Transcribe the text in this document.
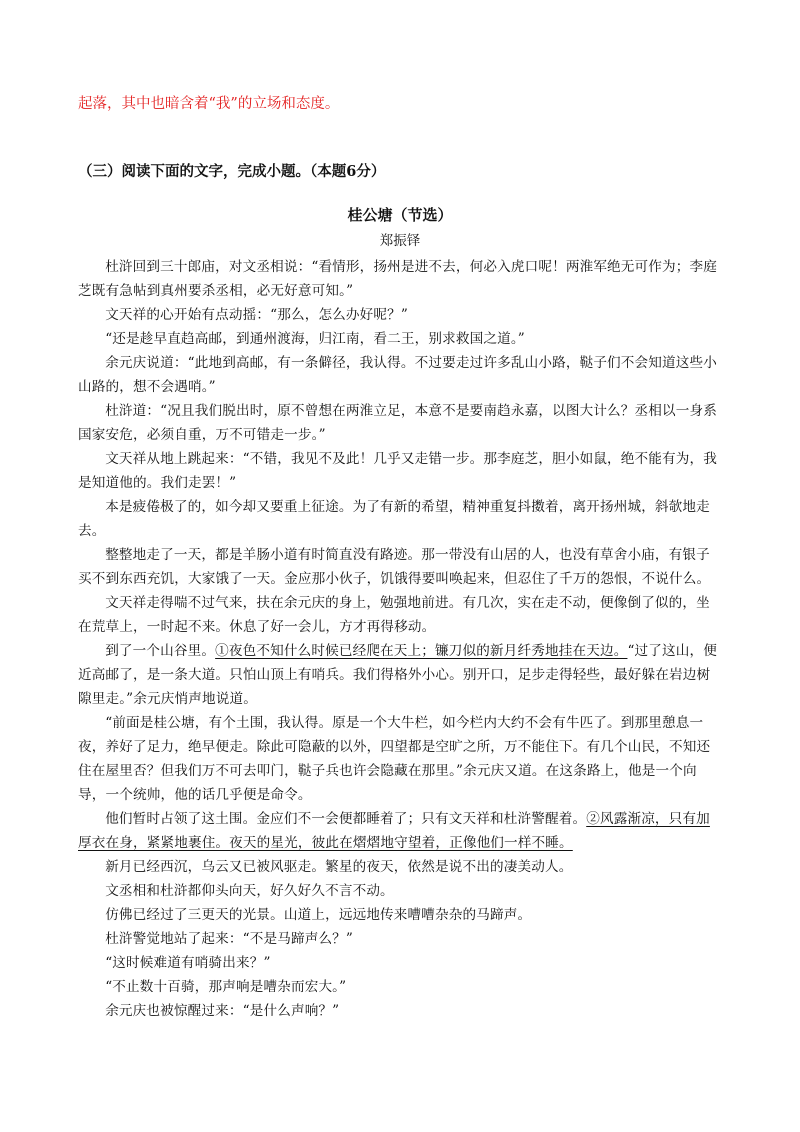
起落，其中也暗含着“我”的立场和态度。
（三）阅读下面的文字，完成小题。（本题6分）
桂公塘（节选）
郑振铎

杜浒回到三十郎庙，对文丞相说：“看情形，扬州是进不去，何必入虎口呢！两淮军绝无可作为；李庭芝既有急帖到真州要杀丞相，必无好意可知。”

文天祥的心开始有点动摇：“那么，怎么办好呢？”

“还是趁早直趋高邮，到通州渡海，归江南，看二王，别求救国之道。”

余元庆说道：“此地到高邮，有一条僻径，我认得。不过要走过许多乱山小路，鞑子们不会知道这些小山路的，想不会遇哨。”

杜浒道：“况且我们脱出时，原不曾想在两淮立足，本意不是要南趋永嘉，以图大计么？丞相以一身系国家安危，必须自重，万不可错走一步。”

文天祥从地上跳起来：“不错，我见不及此！几乎又走错一步。那李庭芝，胆小如鼠，绝不能有为，我是知道他的。我们走罢！”

本是疲倦极了的，如今却又要重上征途。为了有新的希望，精神重复抖擞着，离开扬州城，斜欹地走去。

整整地走了一天，都是羊肠小道有时简直没有路迹。那一带没有山居的人，也没有草舍小庙，有银子买不到东西充饥，大家饿了一天。金应那小伙子，饥饿得要叫唤起来，但忍住了千万的怨恨，不说什么。

文天祥走得喘不过气来，扶在余元庆的身上，勉强地前进。有几次，实在走不动，便像倒了似的，坐在荒草上，一时起不来。休息了好一会儿，方才再得移动。

到了一个山谷里。①夜色不知什么时候已经爬在天上；镰刀似的新月纤秀地挂在天边。“过了这山，便近高邮了，是一条大道。只怕山顶上有哨兵。我们得格外小心。别开口，足步走得轻些，最好躲在岩边树隙里走。”余元庆悄声地说道。

“前面是桂公塘，有个土围，我认得。原是一个大牛栏，如今栏内大约不会有牛匹了。到那里憩息一夜，养好了足力，绝早便走。除此可隐蔽的以外，四望都是空旷之所，万不能住下。有几个山民，不知还住在屋里否？但我们万不可去叩门，鞑子兵也许会隐藏在那里。”余元庆又道。在这条路上，他是一个向导，一个统帅，他的话几乎便是命令。

他们暂时占领了这土围。金应们不一会便都睡着了；只有文天祥和杜浒警醒着。②风露渐凉，只有加厚衣在身，紧紧地裹住。夜天的星光，彼此在熠熠地守望着，正像他们一样不睡。

新月已经西沉，乌云又已被风驱走。繁星的夜天，依然是说不出的凄美动人。

文丞相和杜浒都仰头向天，好久好久不言不动。

仿佛已经过了三更天的光景。山道上，远远地传来嘈嘈杂杂的马蹄声。

杜浒警觉地站了起来：“不是马蹄声么？”

“这时候难道有哨骑出来？”

“不止数十百骑，那声响是嘈杂而宏大。”

余元庆也被惊醒过来：“是什么声响？”
